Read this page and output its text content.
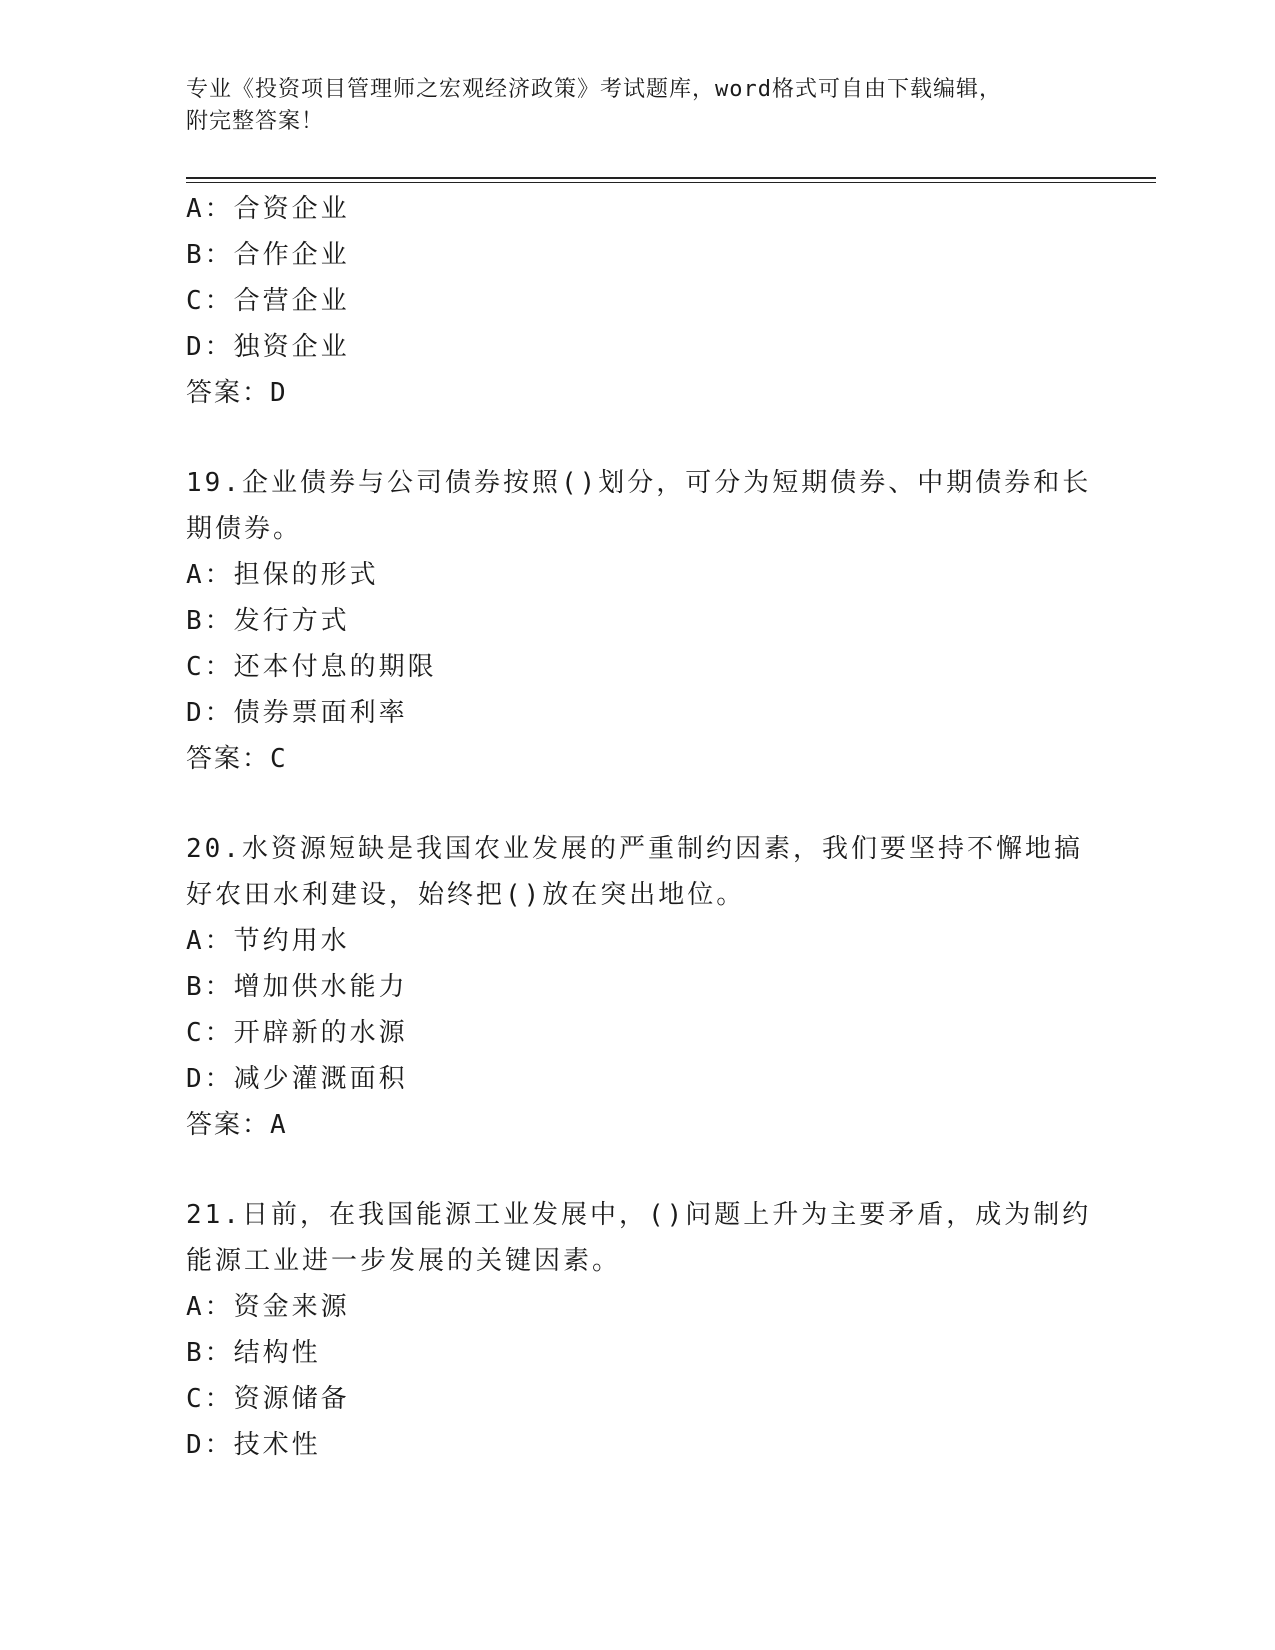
专业《投资项目管理师之宏观经济政策》考试题库，word格式可自由下载编辑，
附完整答案！
A：合资企业
B：合作企业
C：合营企业
D：独资企业
答案：D
19.企业债券与公司债券按照()划分，可分为短期债券、中期债券和长
期债券。
A：担保的形式
B：发行方式
C：还本付息的期限
D：债券票面利率
答案：C
20.水资源短缺是我国农业发展的严重制约因素，我们要坚持不懈地搞
好农田水利建设，始终把()放在突出地位。
A：节约用水
B：增加供水能力
C：开辟新的水源
D：减少灌溉面积
答案：A
21.日前，在我国能源工业发展中，()问题上升为主要矛盾，成为制约
能源工业进一步发展的关键因素。
A：资金来源
B：结构性
C：资源储备
D：技术性
